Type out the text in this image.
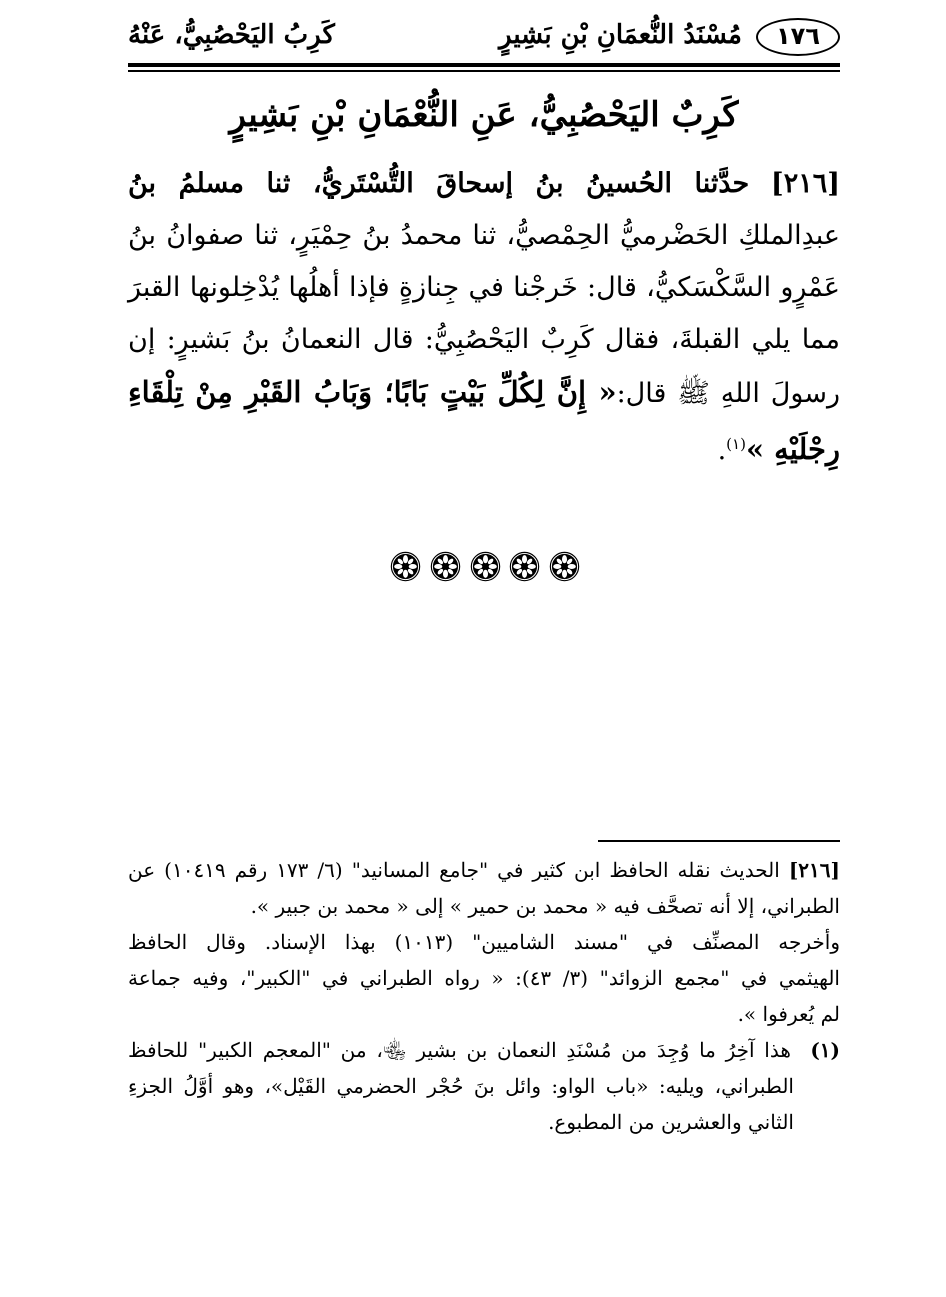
١٧٦
مُسْنَدُ النُّعمَانِ بْنِ بَشِيرٍ
كَرِبُ اليَحْصُبِيُّ، عَنْهُ
كَرِبٌ اليَحْصُبِيُّ، عَنِ النُّعْمَانِ بْنِ بَشِيرٍ
[٢١٦] حدَّثنا الحُسينُ بنُ إسحاقَ التُّسْتَريُّ، ثنا مسلمُ بنُ
عبدِالملكِ الحَضْرميُّ الحِمْصيُّ، ثنا محمدُ بنُ حِمْيَرٍ، ثنا صفوانُ بنُ
عَمْرٍو السَّكْسَكيُّ، قال: خَرجْنا في جِنازةٍ فإذا أهلُها يُدْخِلونها القبرَ
مما يلي القبلةَ، فقال كَرِبٌ اليَحْصُبِيُّ: قال النعمانُ بنُ بَشيرٍ: إن
رسولَ اللهِ ﷺ قال:« إِنَّ لِكُلِّ بَيْتٍ بَابًا؛ وَبَابُ القَبْرِ مِنْ تِلْقَاءِ
رِجْلَيْهِ »$^{(١)}$.
[٢١٦] الحديث نقله الحافظ ابن كثير في "جامع المسانيد" (٦/ ١٧٣ رقم ١٠٤١٩) عن
الطبراني، إلا أنه تصحَّف فيه « محمد بن حمير » إلى « محمد بن جبير ».
وأخرجه المصنِّف في "مسند الشاميين" (١٠١٣) بهذا الإسناد. وقال الحافظ
الهيثمي في "مجمع الزوائد" (٣/ ٤٣): « رواه الطبراني في "الكبير"، وفيه جماعة
لم يُعرفوا ».
(١)  هذا آخِرُ ما وُجِدَ من مُسْنَدِ النعمان بن بشير ﵄، من "المعجم الكبير" للحافظ
الطبراني، ويليه: «باب الواو: وائل بنَ حُجْر الحضرمي القَيْل»، وهو أوَّلُ الجزءِ
الثاني والعشرين من المطبوع.
